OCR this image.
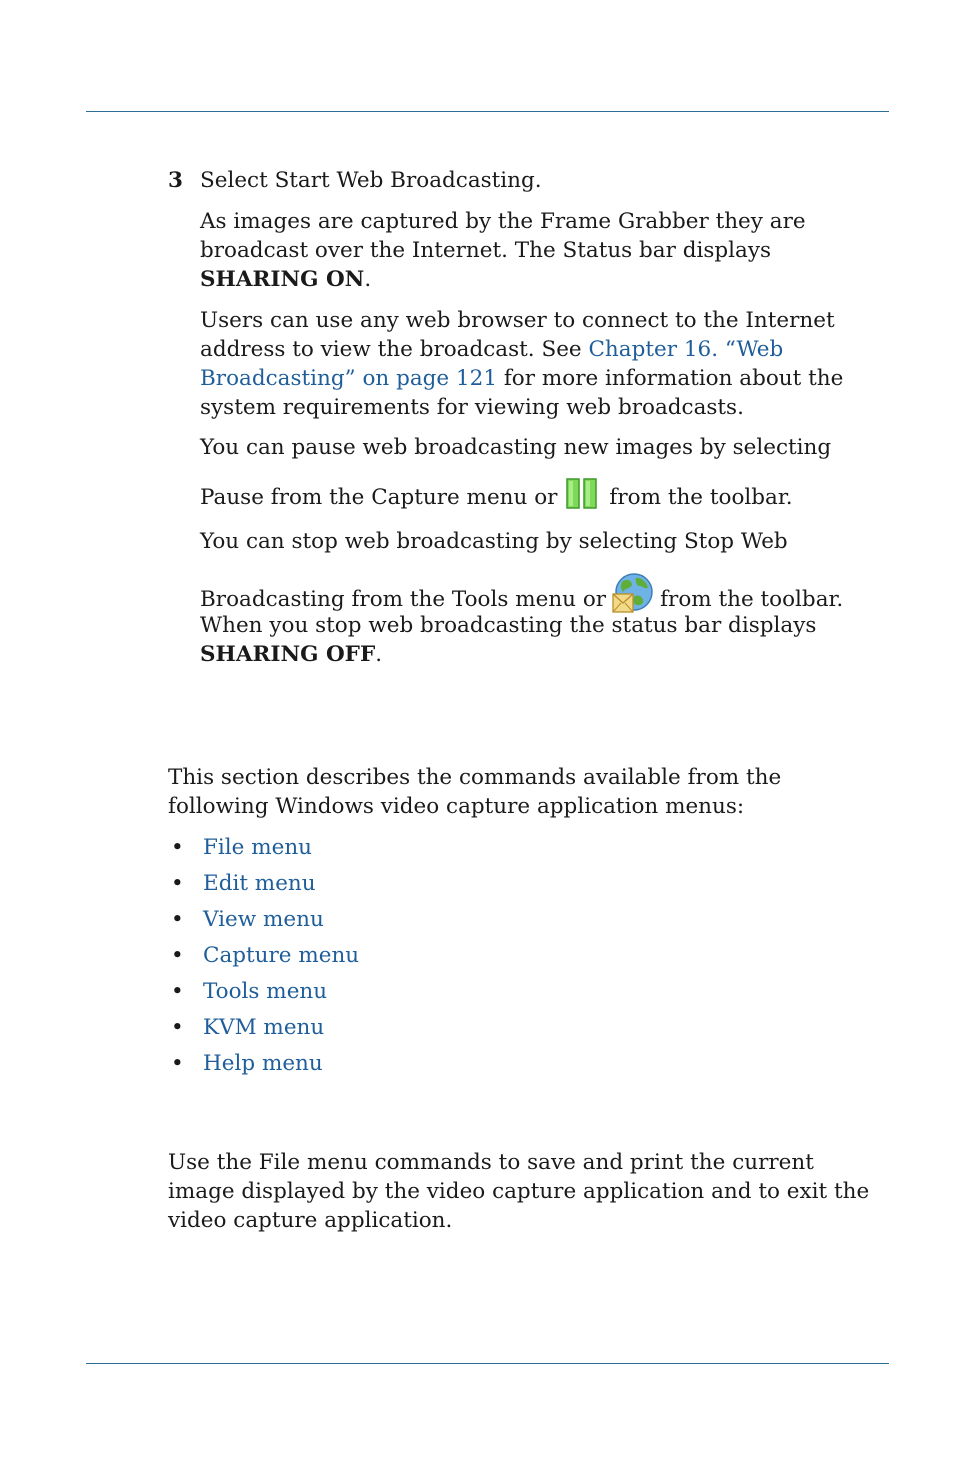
3 Select Start Web Broadcasting.
As images are captured by the Frame Grabber they are broadcast over the Internet. The Status bar displays SHARING ON.
Users can use any web browser to connect to the Internet address to view the broadcast. See Chapter 16. “Web Broadcasting” on page 121 for more information about the system requirements for viewing web broadcasts.
You can pause web broadcasting new images by selecting
Pause from the Capture menu or from the toolbar.
You can stop web broadcasting by selecting Stop Web
Broadcasting from the Tools menu or	from the toolbar.
When you stop web broadcasting the status bar displays SHARING OFF.
This section describes the commands available from the following Windows video capture application menus:
• File menu
• Edit menu
• View menu
• Capture menu
• Tools menu
• KVM menu
• Help menu
Use the File menu commands to save and print the current image displayed by the video capture application and to exit the video capture application.
